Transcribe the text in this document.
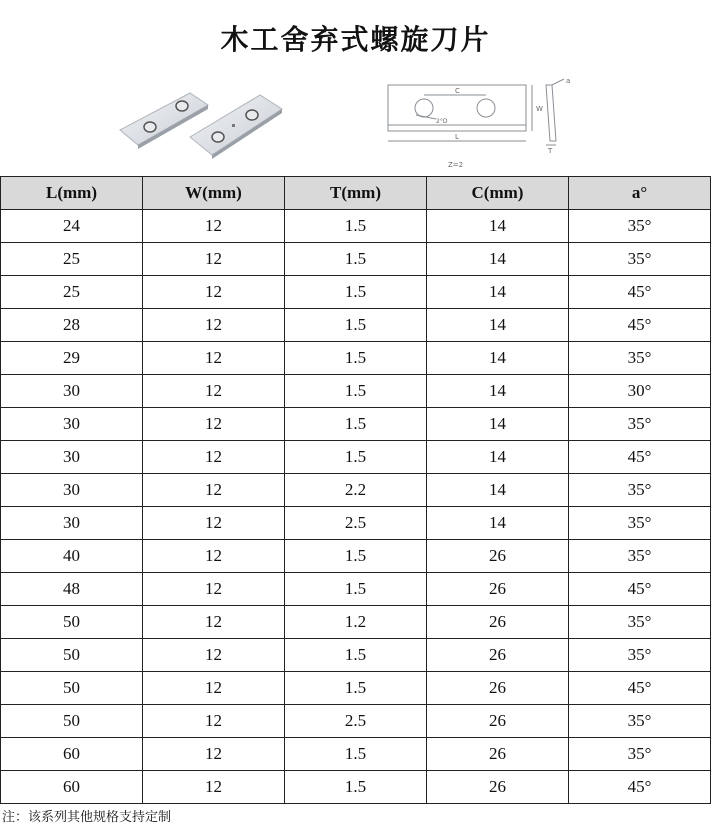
木工舍弃式螺旋刀片
C
W
L
T
a
2°D
Z=2
L(mm)	W(mm)	T(mm)	C(mm)	a°
24	12	1.5	14	35°
25	12	1.5	14	35°
25	12	1.5	14	45°
28	12	1.5	14	45°
29	12	1.5	14	35°
30	12	1.5	14	30°
30	12	1.5	14	35°
30	12	1.5	14	45°
30	12	2.2	14	35°
30	12	2.5	14	35°
40	12	1.5	26	35°
48	12	1.5	26	45°
50	12	1.2	26	35°
50	12	1.5	26	35°
50	12	1.5	26	45°
50	12	2.5	26	35°
60	12	1.5	26	35°
60	12	1.5	26	45°
注：该系列其他规格支持定制
